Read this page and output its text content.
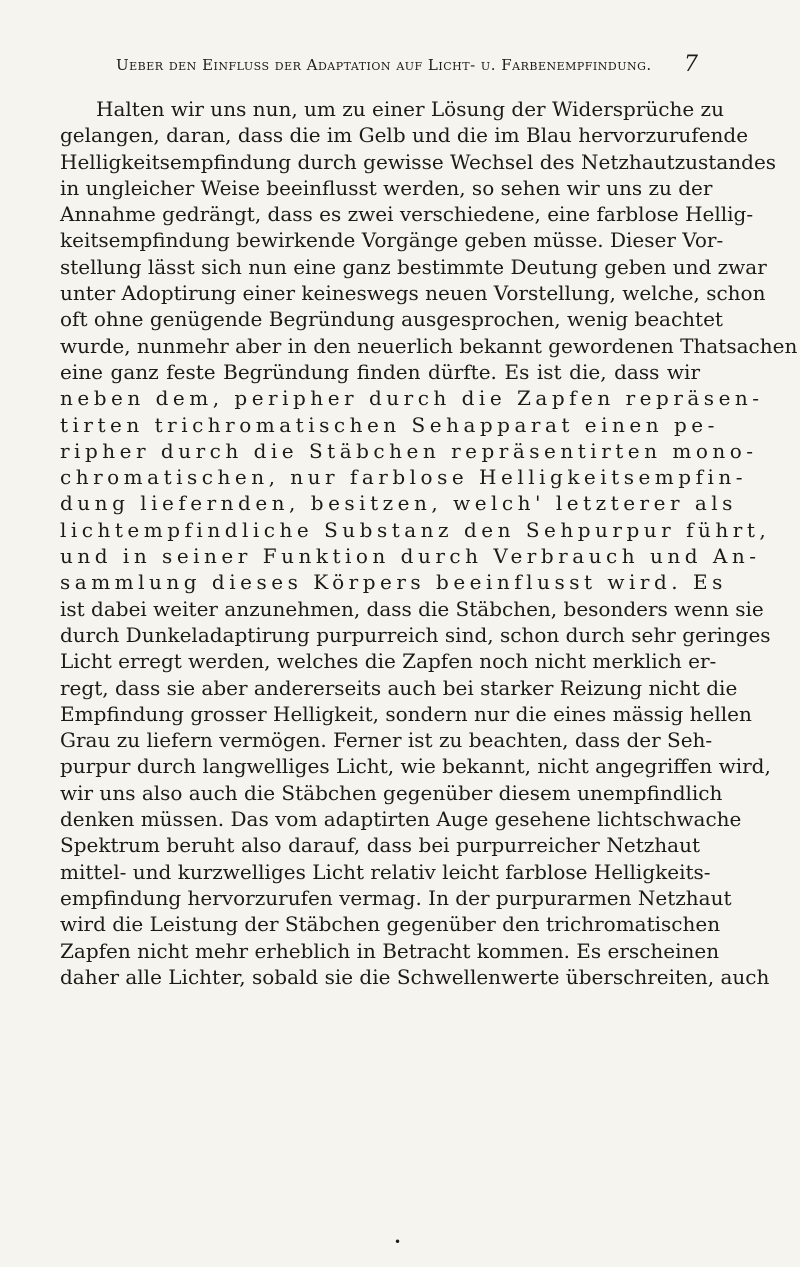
Ueber den Einfluss der Adaptation auf Licht- u. Farbenempfindung.	7
Halten wir uns nun, um zu einer Lösung der Widersprüche zu
gelangen, daran, dass die im Gelb und die im Blau hervorzurufende
Helligkeitsempfindung durch gewisse Wechsel des Netzhautzustandes
in ungleicher Weise beeinflusst werden, so sehen wir uns zu der
Annahme gedrängt, dass es zwei verschiedene, eine farblose Hellig-
keitsempfindung bewirkende Vorgänge geben müsse. Dieser Vor-
stellung lässt sich nun eine ganz bestimmte Deutung geben und zwar
unter Adoptirung einer keineswegs neuen Vorstellung, welche, schon
oft ohne genügende Begründung ausgesprochen, wenig beachtet
wurde, nunmehr aber in den neuerlich bekannt gewordenen Thatsachen
eine ganz feste Begründung finden dürfte. Es ist die, dass wir
neben dem, peripher durch die Zapfen repräsen-
tirten trichromatischen Sehapparat einen pe-
ripher durch die Stäbchen repräsentirten mono-
chromatischen, nur farblose Helligkeitsempfin-
dung liefernden, besitzen, welch' letzterer als
lichtempfindliche Substanz den Sehpurpur führt,
und in seiner Funktion durch Verbrauch und An-
sammlung dieses Körpers beeinflusst wird. Es
ist dabei weiter anzunehmen, dass die Stäbchen, besonders wenn sie
durch Dunkeladaptirung purpurreich sind, schon durch sehr geringes
Licht erregt werden, welches die Zapfen noch nicht merklich er-
regt, dass sie aber andererseits auch bei starker Reizung nicht die
Empfindung grosser Helligkeit, sondern nur die eines mässig hellen
Grau zu liefern vermögen. Ferner ist zu beachten, dass der Seh-
purpur durch langwelliges Licht, wie bekannt, nicht angegriffen wird,
wir uns also auch die Stäbchen gegenüber diesem unempfindlich
denken müssen. Das vom adaptirten Auge gesehene lichtschwache
Spektrum beruht also darauf, dass bei purpurreicher Netzhaut
mittel- und kurzwelliges Licht relativ leicht farblose Helligkeits-
empfindung hervorzurufen vermag. In der purpurarmen Netzhaut
wird die Leistung der Stäbchen gegenüber den trichromatischen
Zapfen nicht mehr erheblich in Betracht kommen. Es erscheinen
daher alle Lichter, sobald sie die Schwellenwerte überschreiten, auch
•
